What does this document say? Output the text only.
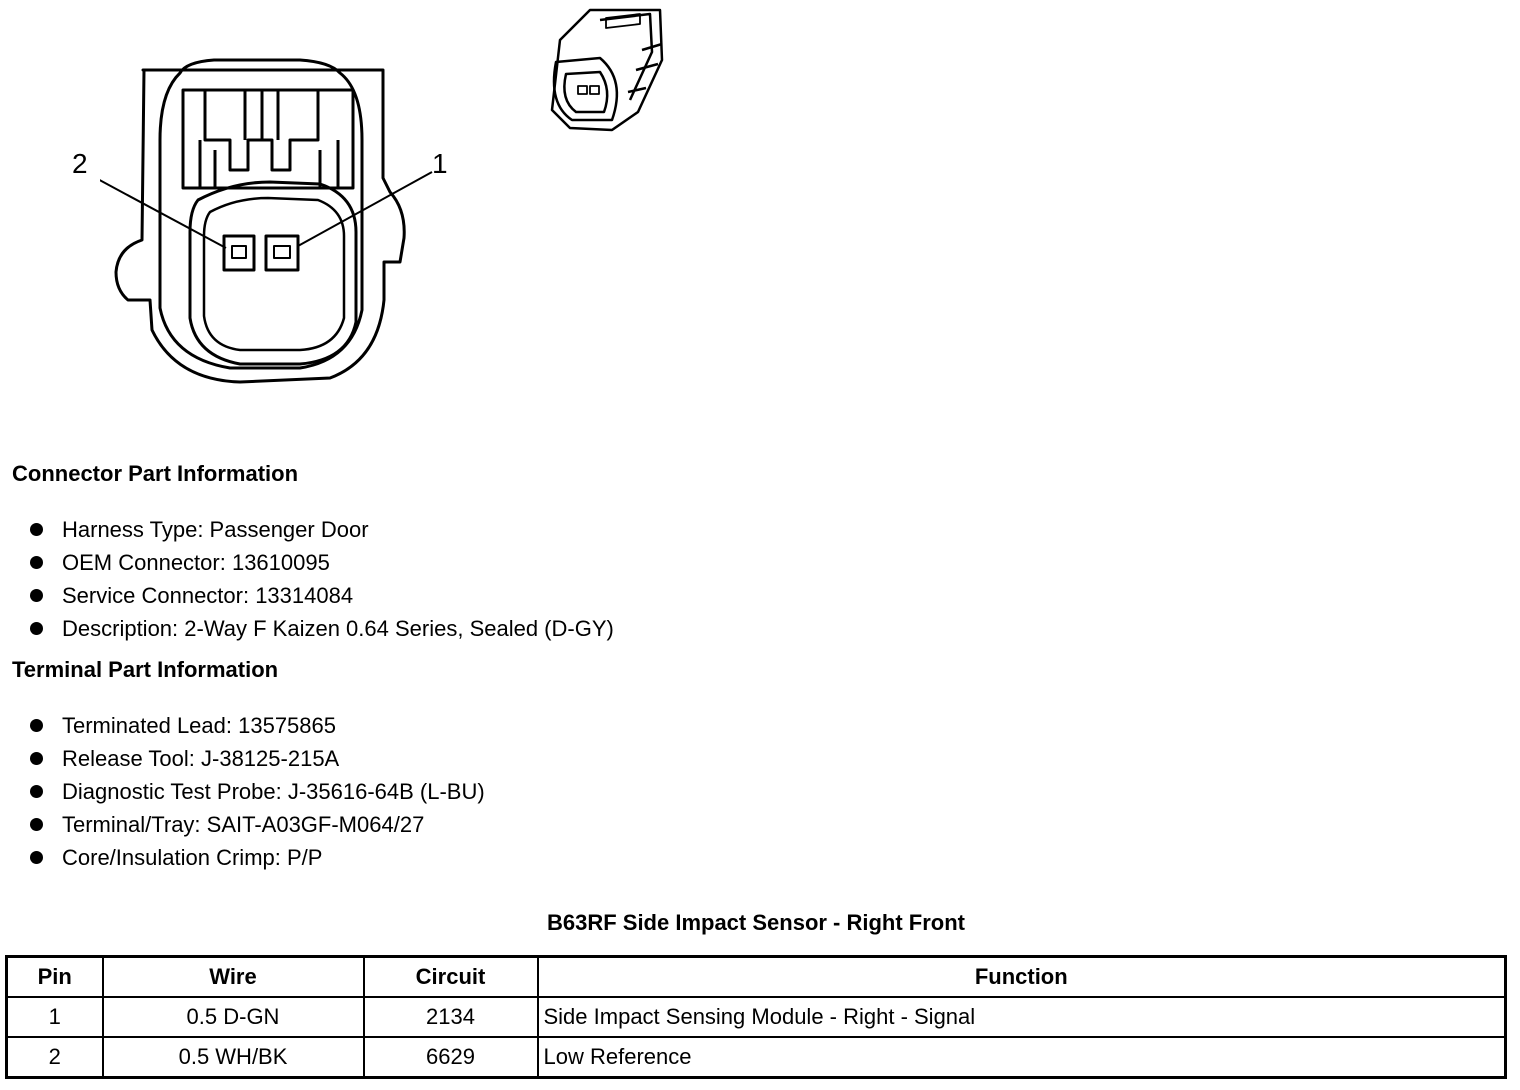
2	1
Connector Part Information
Harness Type: Passenger Door
OEM Connector: 13610095
Service Connector: 13314084
Description: 2-Way F Kaizen 0.64 Series, Sealed (D-GY)
Terminal Part Information
Terminated Lead: 13575865
Release Tool: J-38125-215A
Diagnostic Test Probe: J-35616-64B (L-BU)
Terminal/Tray: SAIT-A03GF-M064/27
Core/Insulation Crimp: P/P
B63RF Side Impact Sensor - Right Front
Pin	Wire	Circuit	Function
1	0.5 D-GN	2134	Side Impact Sensing Module - Right - Signal
2	0.5 WH/BK	6629	Low Reference
